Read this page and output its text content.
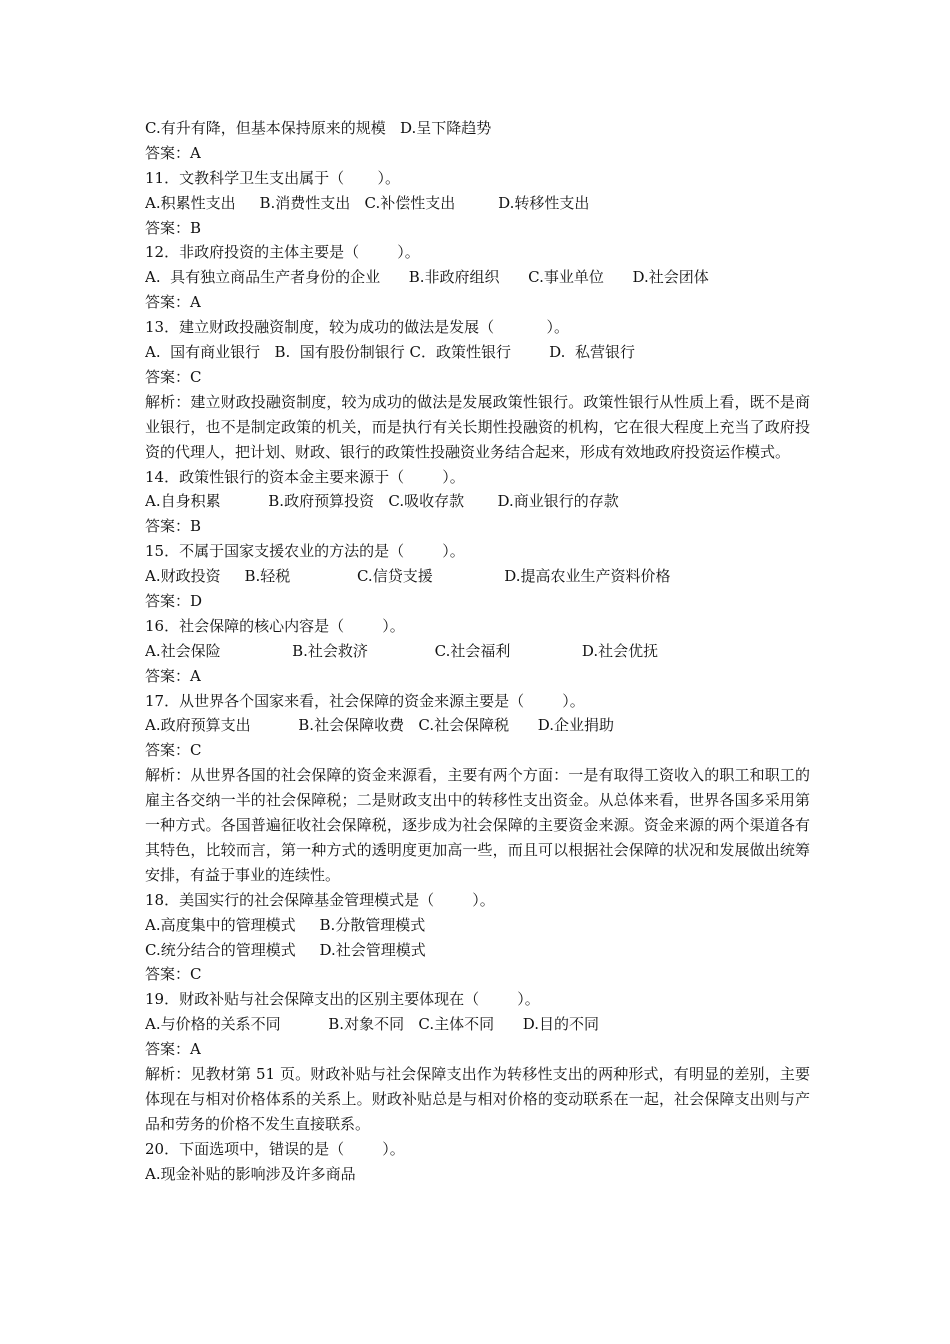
C.有升有降，但基本保持原来的规模   D.呈下降趋势
答案：A
11．文教科学卫生支出属于（       ）。
A.积累性支出     B.消费性支出   C.补偿性支出         D.转移性支出
答案：B
12．非政府投资的主体主要是（        ）。
A.  具有独立商品生产者身份的企业      B.非政府组织      C.事业单位      D.社会团体
答案：A
13．建立财政投融资制度，较为成功的做法是发展（           ）。
A.  国有商业银行   B.  国有股份制银行 C．政策性银行        D.  私营银行
答案：C
解析：建立财政投融资制度，较为成功的做法是发展政策性银行。政策性银行从性质上看，既不是商业银行，也不是制定政策的机关，而是执行有关长期性投融资的机构，它在很大程度上充当了政府投资的代理人，把计划、财政、银行的政策性投融资业务结合起来，形成有效地政府投资运作模式。
14．政策性银行的资本金主要来源于（        ）。
A.自身积累          B.政府预算投资   C.吸收存款       D.商业银行的存款
答案：B
15．不属于国家支援农业的方法的是（        ）。
A.财政投资     B.轻税              C.信贷支援               D.提高农业生产资料价格
答案：D
16．社会保障的核心内容是（        ）。
A.社会保险               B.社会救济              C.社会福利               D.社会优抚
答案：A
17．从世界各个国家来看，社会保障的资金来源主要是（        ）。
A.政府预算支出          B.社会保障收费   C.社会保障税      D.企业捐助
答案：C
解析：从世界各国的社会保障的资金来源看，主要有两个方面：一是有取得工资收入的职工和职工的雇主各交纳一半的社会保障税；二是财政支出中的转移性支出资金。从总体来看，世界各国多采用第一种方式。各国普遍征收社会保障税，逐步成为社会保障的主要资金来源。资金来源的两个渠道各有其特色，比较而言，第一种方式的透明度更加高一些，而且可以根据社会保障的状况和发展做出统筹安排，有益于事业的连续性。
18．美国实行的社会保障基金管理模式是（        ）。
A.高度集中的管理模式     B.分散管理模式
C.统分结合的管理模式     D.社会管理模式
答案：C
19．财政补贴与社会保障支出的区别主要体现在（        ）。
A.与价格的关系不同          B.对象不同   C.主体不同      D.目的不同
答案：A
解析：见教材第 51 页。财政补贴与社会保障支出作为转移性支出的两种形式，有明显的差别，主要体现在与相对价格体系的关系上。财政补贴总是与相对价格的变动联系在一起，社会保障支出则与产品和劳务的价格不发生直接联系。
20．下面选项中，错误的是（        ）。
A.现金补贴的影响涉及许多商品
